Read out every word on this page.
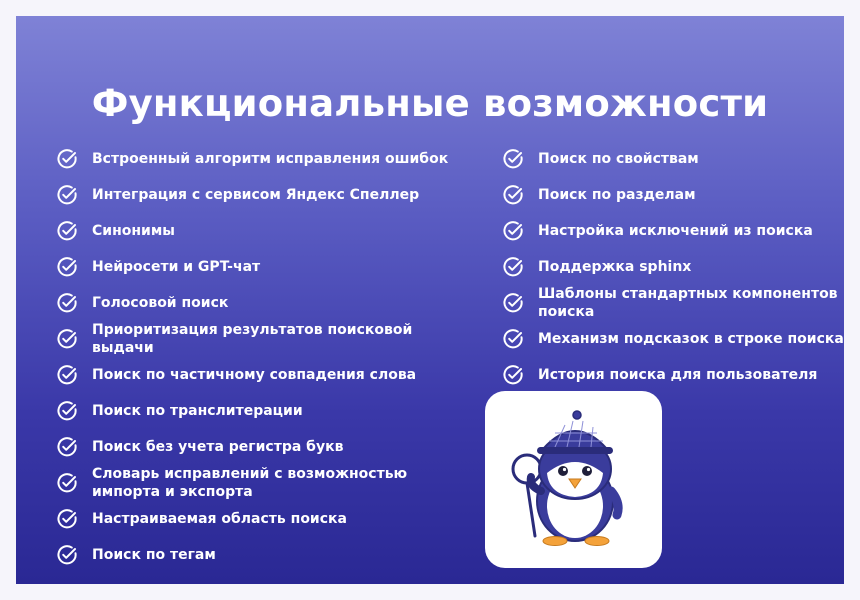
Функциональные возможности
Встроенный алгоритм исправления ошибок
Интеграция с сервисом Яндекс Спеллер
Синонимы
Нейросети и GPT-чат
Голосовой поиск
Приоритизация результатов поисковой выдачи
Поиск по частичному совпадения слова
Поиск по транслитерации
Поиск без учета регистра букв
Словарь исправлений с возможностью импорта и экспорта
Настраиваемая область поиска
Поиск по тегам
Поиск по свойствам
Поиск по разделам
Настройка исключений из поиска
Поддержка sphinx
Шаблоны стандартных компонентов поиска
Механизм подсказок в строке поиска
История поиска для пользователя
